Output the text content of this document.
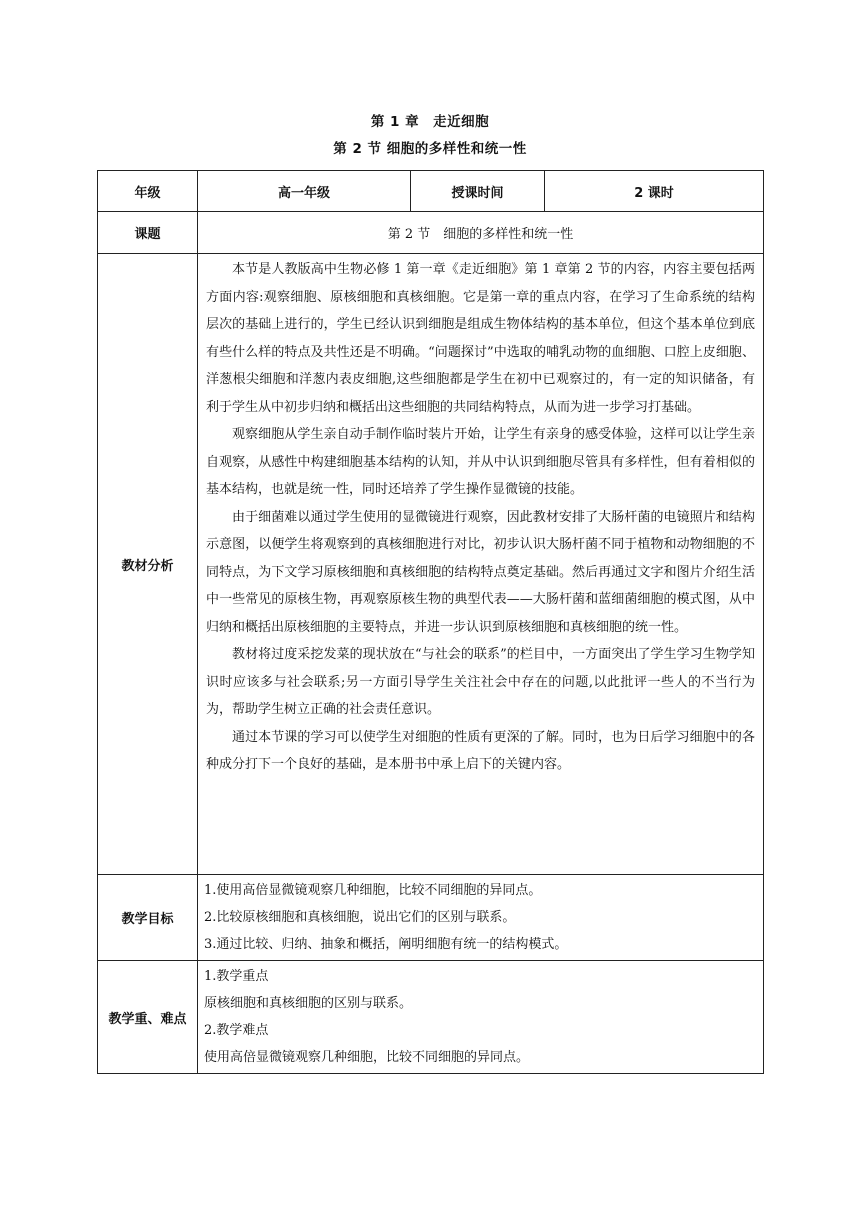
第 1 章　走近细胞
第 2 节 细胞的多样性和统一性
年级	高一年级	授课时间	2 课时
课题	第 2 节　细胞的多样性和统一性		
教材分析	本节是人教版高中生物必修 1 第一章《走近细胞》第 1 章第 2 节的内容，内容主要包括两方面内容:观察细胞、原核细胞和真核细胞。它是第一章的重点内容，在学习了生命系统的结构层次的基础上进行的，学生已经认识到细胞是组成生物体结构的基本单位，但这个基本单位到底有些什么样的特点及共性还是不明确。“问题探讨”中选取的哺乳动物的血细胞、口腔上皮细胞、洋葱根尖细胞和洋葱内表皮细胞,这些细胞都是学生在初中已观察过的，有一定的知识储备，有利于学生从中初步归纳和概括出这些细胞的共同结构特点，从而为进一步学习打基础。

观察细胞从学生亲自动手制作临时装片开始，让学生有亲身的感受体验，这样可以让学生亲自观察，从感性中构建细胞基本结构的认知，并从中认识到细胞尽管具有多样性，但有着相似的基本结构，也就是统一性，同时还培养了学生操作显微镜的技能。

由于细菌难以通过学生使用的显微镜进行观察，因此教材安排了大肠杆菌的电镜照片和结构示意图，以便学生将观察到的真核细胞进行对比，初步认识大肠杆菌不同于植物和动物细胞的不同特点，为下文学习原核细胞和真核细胞的结构特点奠定基础。然后再通过文字和图片介绍生活中一些常见的原核生物，再观察原核生物的典型代表——大肠杆菌和蓝细菌细胞的模式图，从中归纳和概括出原核细胞的主要特点，并进一步认识到原核细胞和真核细胞的统一性。

教材将过度采挖发菜的现状放在“与社会的联系”的栏目中，一方面突出了学生学习生物学知识时应该多与社会联系;另一方面引导学生关注社会中存在的问题,以此批评一些人的不当行为为，帮助学生树立正确的社会责任意识。

通过本节课的学习可以使学生对细胞的性质有更深的了解。同时，也为日后学习细胞中的各种成分打下一个良好的基础，是本册书中承上启下的关键内容。		

教学目标	1.使用高倍显微镜观察几种细胞，比较不同细胞的异同点。

2.比较原核细胞和真核细胞，说出它们的区别与联系。

3.通过比较、归纳、抽象和概括，阐明细胞有统一的结构模式。		

教学重、难点	1.教学重点

原核细胞和真核细胞的区别与联系。

2.教学难点

使用高倍显微镜观察几种细胞，比较不同细胞的异同点。		
